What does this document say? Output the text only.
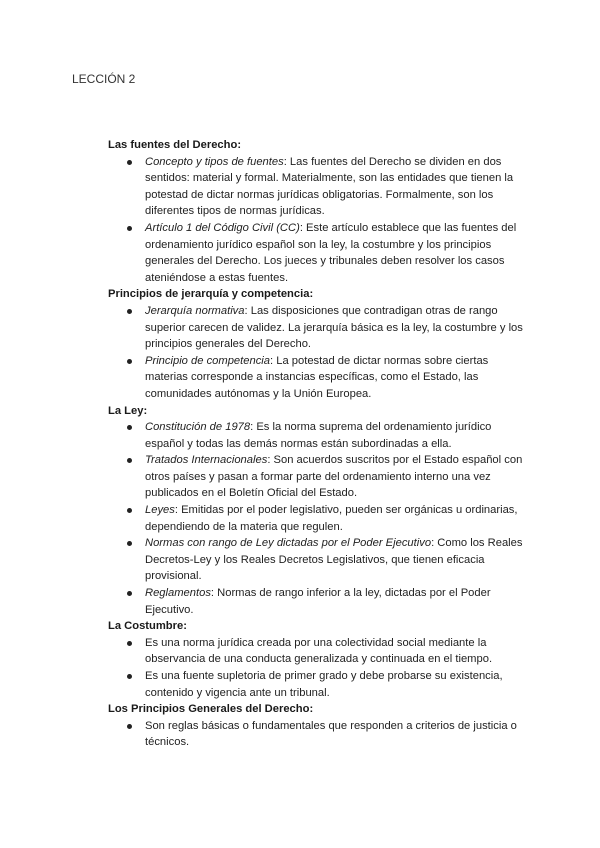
LECCIÓN 2
Las fuentes del Derecho:
Concepto y tipos de fuentes: Las fuentes del Derecho se dividen en dos sentidos: material y formal. Materialmente, son las entidades que tienen la potestad de dictar normas jurídicas obligatorias. Formalmente, son los diferentes tipos de normas jurídicas.
Artículo 1 del Código Civil (CC): Este artículo establece que las fuentes del ordenamiento jurídico español son la ley, la costumbre y los principios generales del Derecho. Los jueces y tribunales deben resolver los casos ateniéndose a estas fuentes.
Principios de jerarquía y competencia:
Jerarquía normativa: Las disposiciones que contradigan otras de rango superior carecen de validez. La jerarquía básica es la ley, la costumbre y los principios generales del Derecho.
Principio de competencia: La potestad de dictar normas sobre ciertas materias corresponde a instancias específicas, como el Estado, las comunidades autónomas y la Unión Europea.
La Ley:
Constitución de 1978: Es la norma suprema del ordenamiento jurídico español y todas las demás normas están subordinadas a ella.
Tratados Internacionales: Son acuerdos suscritos por el Estado español con otros países y pasan a formar parte del ordenamiento interno una vez publicados en el Boletín Oficial del Estado.
Leyes: Emitidas por el poder legislativo, pueden ser orgánicas u ordinarias, dependiendo de la materia que regulen.
Normas con rango de Ley dictadas por el Poder Ejecutivo: Como los Reales Decretos-Ley y los Reales Decretos Legislativos, que tienen eficacia provisional.
Reglamentos: Normas de rango inferior a la ley, dictadas por el Poder Ejecutivo.
La Costumbre:
Es una norma jurídica creada por una colectividad social mediante la observancia de una conducta generalizada y continuada en el tiempo.
Es una fuente supletoria de primer grado y debe probarse su existencia, contenido y vigencia ante un tribunal.
Los Principios Generales del Derecho:
Son reglas básicas o fundamentales que responden a criterios de justicia o técnicos.
